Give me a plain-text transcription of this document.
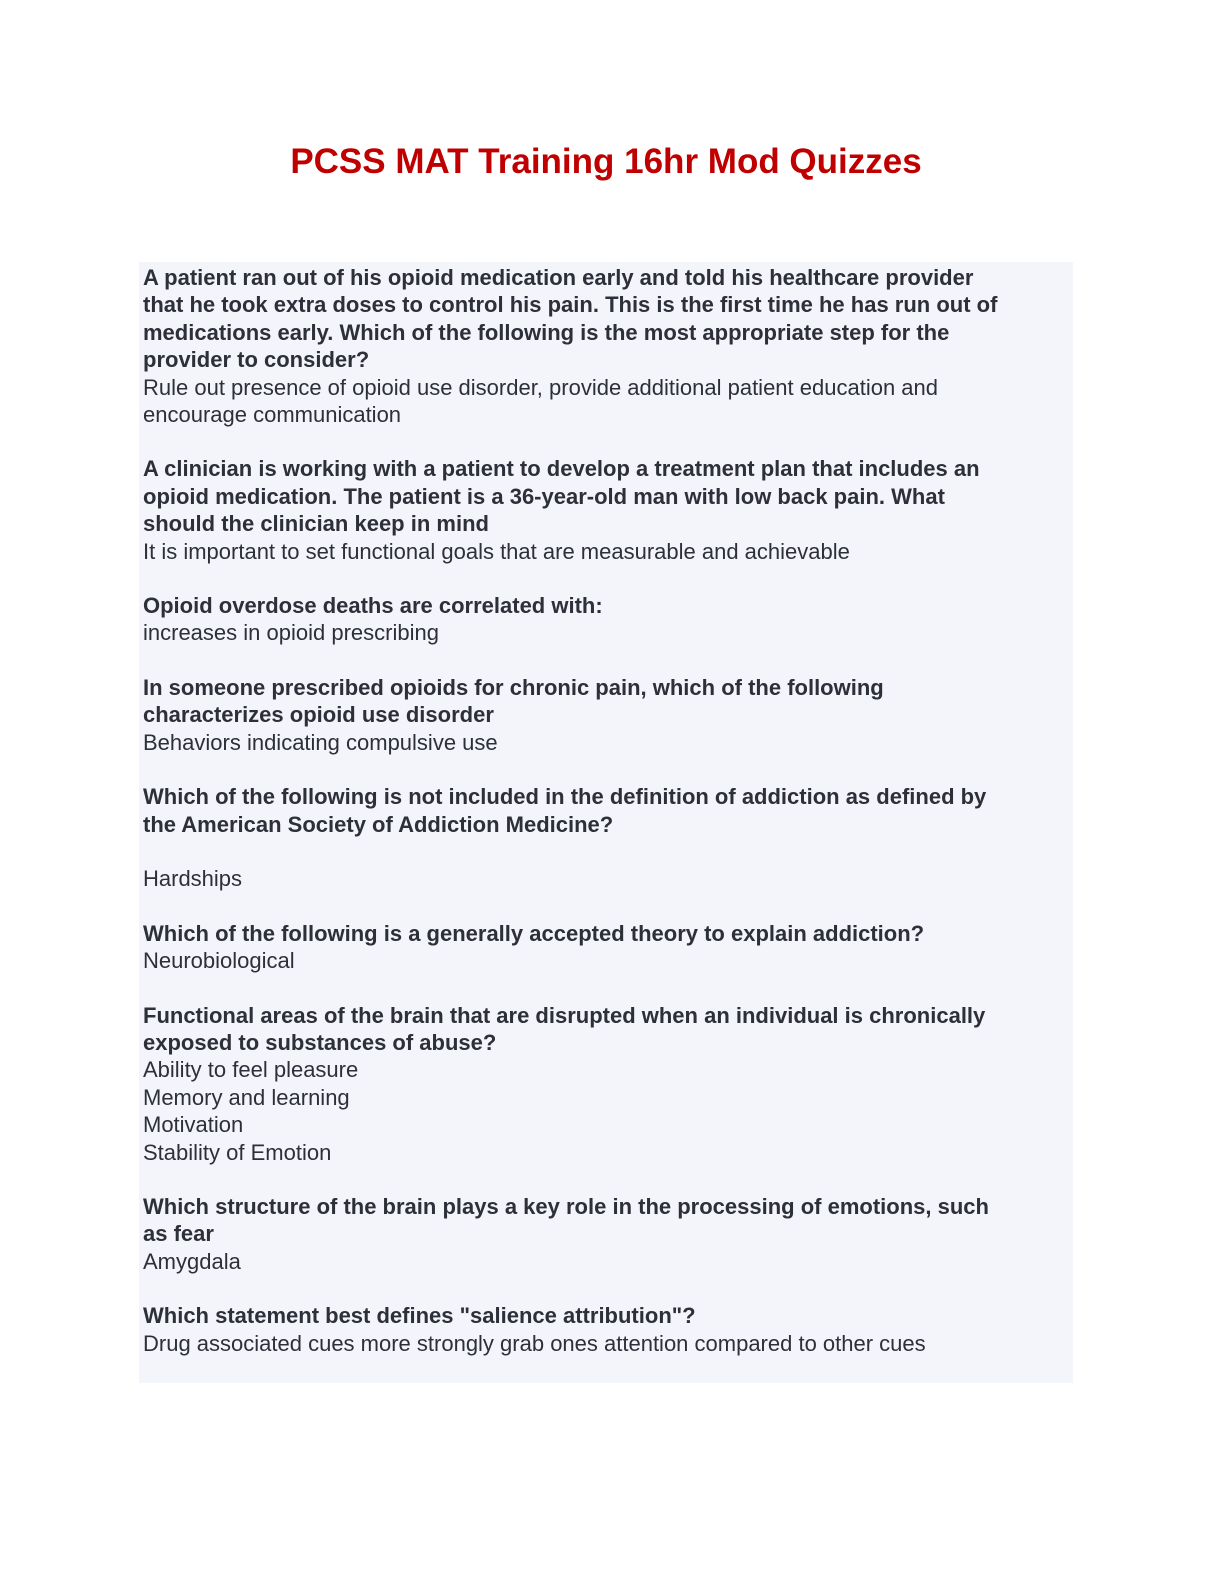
PCSS MAT Training 16hr Mod Quizzes

A patient ran out of his opioid medication early and told his healthcare provider
that he took extra doses to control his pain. This is the first time he has run out of
medications early. Which of the following is the most appropriate step for the
provider to consider?

Rule out presence of opioid use disorder, provide additional patient education and
encourage communication

A clinician is working with a patient to develop a treatment plan that includes an
opioid medication. The patient is a 36-year-old man with low back pain. What
should the clinician keep in mind

It is important to set functional goals that are measurable and achievable

Opioid overdose deaths are correlated with:

increases in opioid prescribing

In someone prescribed opioids for chronic pain, which of the following
characterizes opioid use disorder

Behaviors indicating compulsive use

Which of the following is not included in the definition of addiction as defined by
the American Society of Addiction Medicine?

Hardships

Which of the following is a generally accepted theory to explain addiction?

Neurobiological

Functional areas of the brain that are disrupted when an individual is chronically
exposed to substances of abuse?

Ability to feel pleasure
Memory and learning
Motivation
Stability of Emotion

Which structure of the brain plays a key role in the processing of emotions, such
as fear

Amygdala

Which statement best defines "salience attribution"?

Drug associated cues more strongly grab ones attention compared to other cues
